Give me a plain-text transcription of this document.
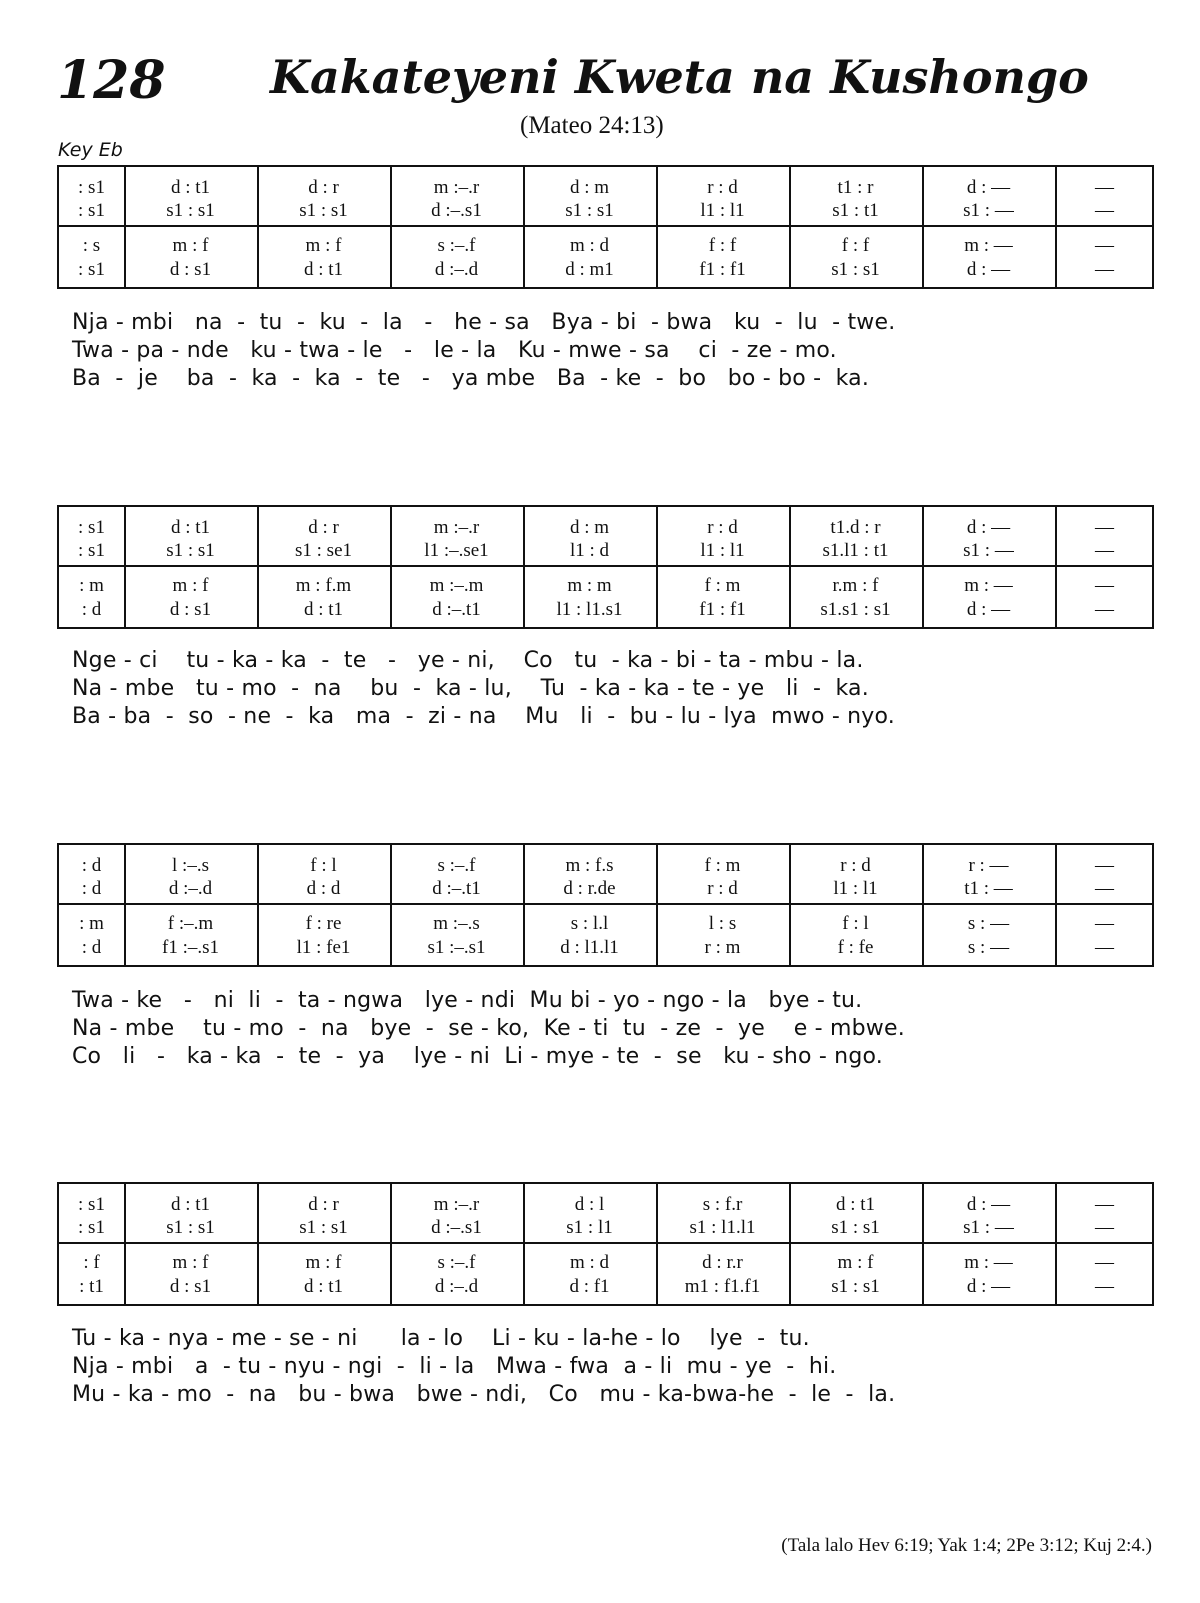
128 Kakateyeni Kweta na Kushongo
(Mateo 24:13)
Key Eb
: s1	d : t1	d : r	m :–.r	d : m	r : d	t1 : r	d : —	—
: s1	s1 : s1	s1 : s1	d :–.s1	s1 : s1	l1 : l1	s1 : t1	s1 : —	—
: s	m : f	m : f	s :–.f	m : d	f : f	f : f	m : —	—
: s1	d : s1	d : t1	d :–.d	d : m1	f1 : f1	s1 : s1	d : —	—
Nja - mbi   na  -  tu  -  ku  -  la   -   he - sa   Bya - bi  - bwa   ku  -  lu  - twe.
Twa - pa - nde   ku - twa - le   -   le - la   Ku - mwe - sa    ci  - ze - mo.
Ba  -  je    ba  -  ka  -  ka  -  te   -   ya mbe   Ba  - ke  -  bo   bo - bo -  ka.
: s1	d : t1	d : r	m :–.r	d : m	r : d	t1.d : r	d : —	—
: s1	s1 : s1	s1 : se1	l1 :–.se1	l1 : d	l1 : l1	s1.l1 : t1	s1 : —	—
: m	m : f	m : f.m	m :–.m	m : m	f : m	r.m : f	m : —	—
: d	d : s1	d : t1	d :–.t1	l1 : l1.s1	f1 : f1	s1.s1 : s1	d : —	—
Nge - ci    tu - ka - ka  -  te   -   ye - ni,    Co   tu  - ka - bi - ta - mbu - la.
Na - mbe   tu - mo  -  na    bu  -  ka - lu,    Tu  - ka - ka - te - ye   li  -  ka.
Ba - ba  -  so  - ne  -  ka   ma  -  zi - na    Mu   li  -  bu - lu - lya  mwo - nyo.
: d	l :–.s	f : l	s :–.f	m : f.s	f : m	r : d	r : —	—
: d	d :–.d	d : d	d :–.t1	d : r.de	r : d	l1 : l1	t1 : —	—
: m	f :–.m	f : re	m :–.s	s : l.l	l : s	f : l	s : —	—
: d	f1 :–.s1	l1 : fe1	s1 :–.s1	d : l1.l1	r : m	f : fe	s : —	—
Twa - ke   -   ni  li  -  ta - ngwa   lye - ndi  Mu bi - yo - ngo - la   bye - tu.
Na - mbe    tu - mo  -  na   bye  -  se - ko,  Ke - ti  tu  - ze  -  ye    e - mbwe.
Co   li   -   ka - ka  -  te  -  ya    lye - ni  Li - mye - te  -  se   ku - sho - ngo.
: s1	d : t1	d : r	m :–.r	d : l	s : f.r	d : t1	d : —	—
: s1	s1 : s1	s1 : s1	d :–.s1	s1 : l1	s1 : l1.l1	s1 : s1	s1 : —	—
: f	m : f	m : f	s :–.f	m : d	d : r.r	m : f	m : —	—
: t1	d : s1	d : t1	d :–.d	d : f1	m1 : f1.f1	s1 : s1	d : —	—
Tu - ka - nya - me - se - ni      la - lo    Li - ku - la-he - lo    lye  -  tu.
Nja - mbi   a  - tu - nyu - ngi  -  li - la   Mwa - fwa  a - li  mu - ye  -  hi.
Mu - ka - mo  -  na   bu - bwa   bwe - ndi,   Co   mu - ka-bwa-he  -  le  -  la.
(Tala lalo Hev 6:19; Yak 1:4; 2Pe 3:12; Kuj 2:4.)
